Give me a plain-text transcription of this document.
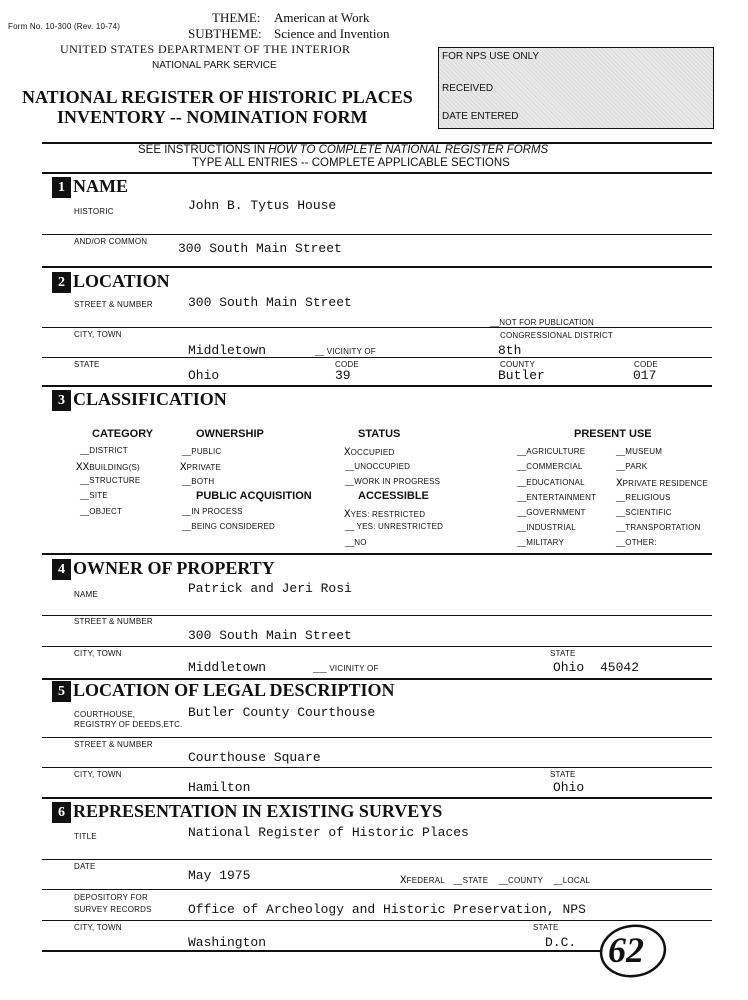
Form No. 10-300 (Rev. 10-74)
THEME: American at Work
SUBTHEME: Science and Invention
UNITED STATES DEPARTMENT OF THE INTERIOR
NATIONAL PARK SERVICE
NATIONAL REGISTER OF HISTORIC PLACES
INVENTORY -- NOMINATION FORM
FOR NPS USE ONLY
RECEIVED
DATE ENTERED
SEE INSTRUCTIONS IN HOW TO COMPLETE NATIONAL REGISTER FORMS
TYPE ALL ENTRIES -- COMPLETE APPLICABLE SECTIONS
1 NAME
HISTORIC	John B. Tytus House
AND/OR COMMON 300 South Main Street
2 LOCATION
STREET & NUMBER	300 South Main Street
__NOT FOR PUBLICATION
CITY, TOWN
Middletown	__ VICINITY OF
CONGRESSIONAL DISTRICT
8th
STATE
Ohio
CODE
39
COUNTY
Butler
CODE
017
3 CLASSIFICATION
CATEGORY
__DISTRICT
XXBUILDING(S)
__STRUCTURE
__SITE
__OBJECT
OWNERSHIP
__PUBLIC
XPRIVATE
__BOTH
PUBLIC ACQUISITION
__IN PROCESS
__BEING CONSIDERED
STATUS
XOCCUPIED
__UNOCCUPIED
__WORK IN PROGRESS
ACCESSIBLE
XYES: RESTRICTED
__ YES: UNRESTRICTED
__NO
PRESENT USE
__AGRICULTURE
__COMMERCIAL
__EDUCATIONAL
__ENTERTAINMENT
__GOVERNMENT
__INDUSTRIAL
__MILITARY
__MUSEUM
__PARK
XPRIVATE RESIDENCE
__RELIGIOUS
__SCIENTIFIC
__TRANSPORTATION
__OTHER:
4 OWNER OF PROPERTY
NAME	Patrick and Jeri Rosi
STREET & NUMBER
300 South Main Street
CITY, TOWN
Middletown	___ VICINITY OF
STATE
Ohio 45042
5 LOCATION OF LEGAL DESCRIPTION
COURTHOUSE,
REGISTRY OF DEEDS,ETC.
Butler County Courthouse
STREET & NUMBER
Courthouse Square
CITY, TOWN
Hamilton
STATE
Ohio
6 REPRESENTATION IN EXISTING SURVEYS
TITLE	National Register of Historic Places
DATE
May 1975	XFEDERAL __STATE __COUNTY __LOCAL
DEPOSITORY FOR
SURVEY RECORDS	Office of Archeology and Historic Preservation, NPS
CITY, TOWN
Washington
STATE
D.C. 62
